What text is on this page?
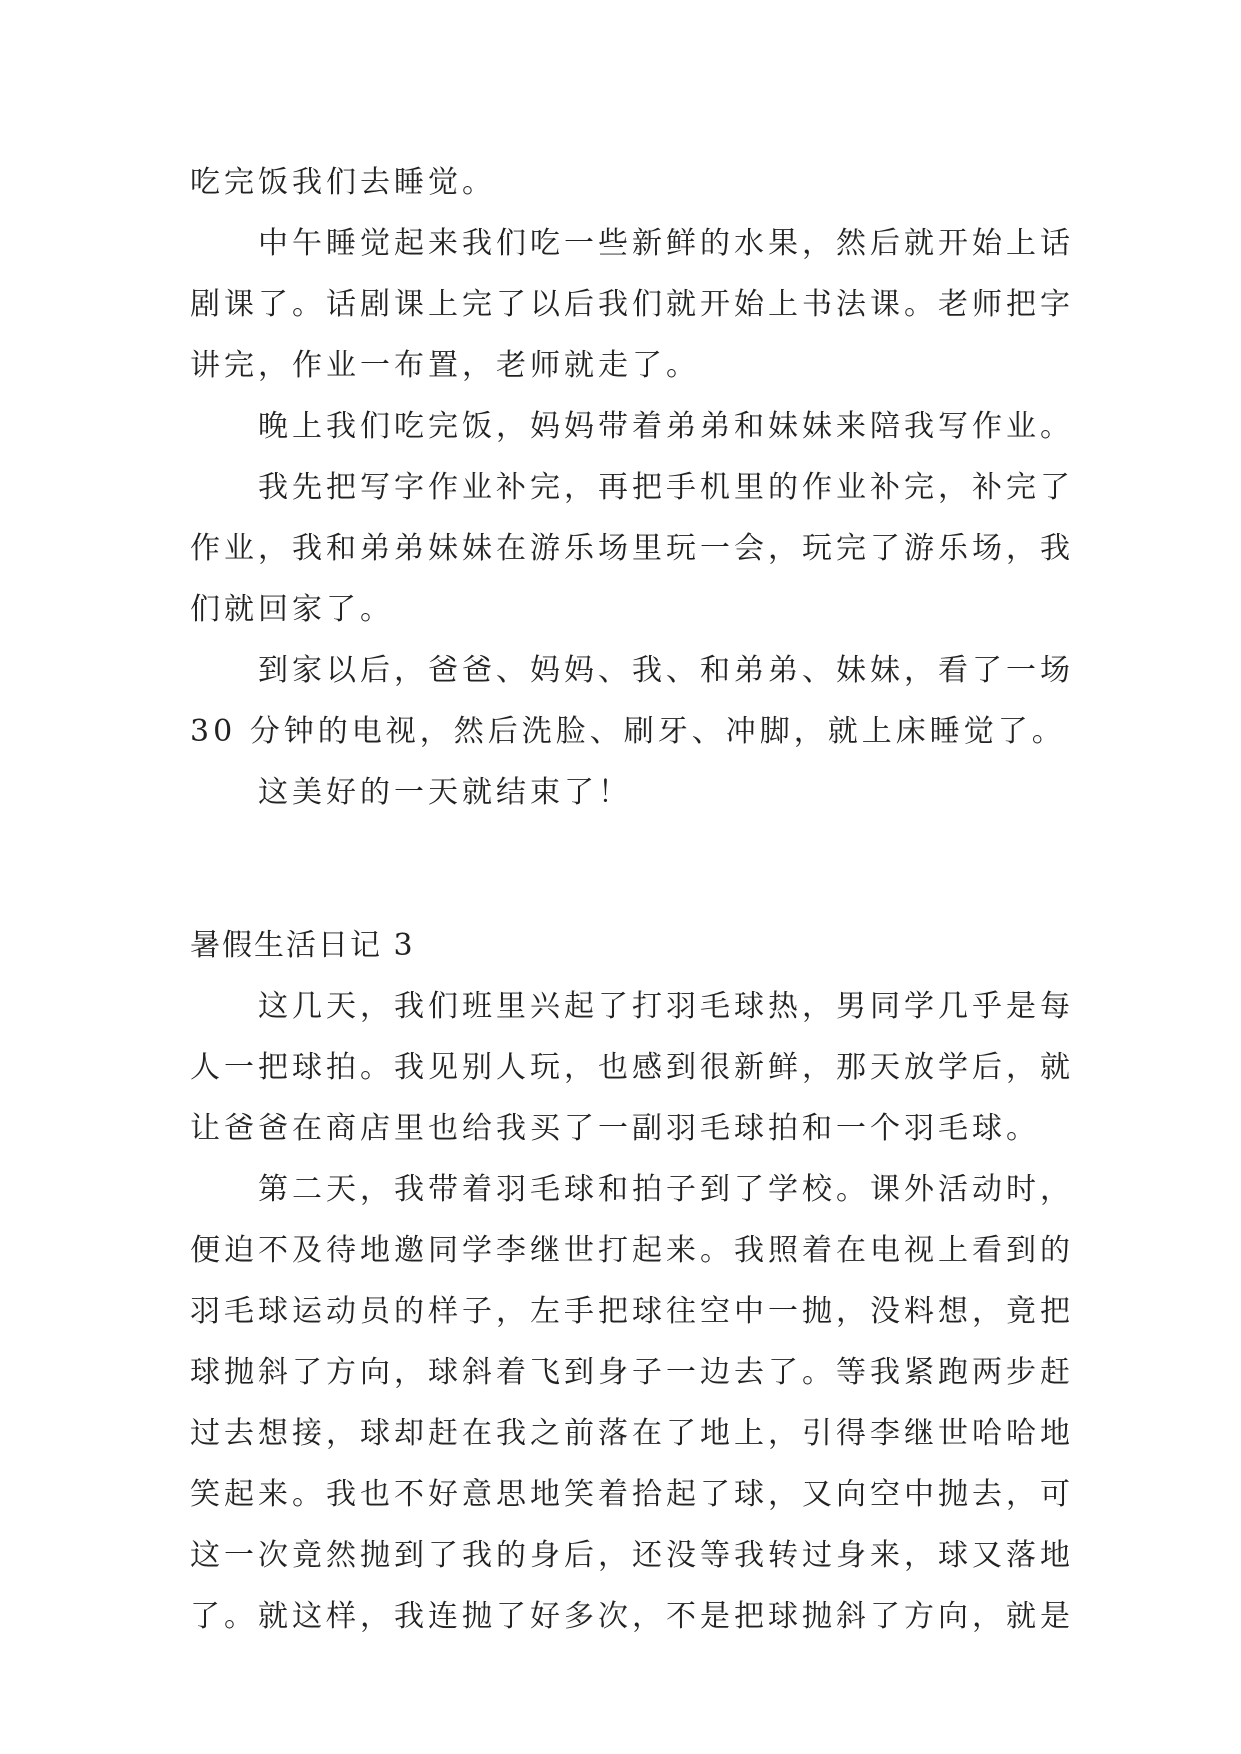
吃完饭我们去睡觉。
中午睡觉起来我们吃一些新鲜的水果，然后就开始上话
剧课了。话剧课上完了以后我们就开始上书法课。老师把字
讲完，作业一布置，老师就走了。
晚上我们吃完饭，妈妈带着弟弟和妹妹来陪我写作业。
我先把写字作业补完，再把手机里的作业补完，补完了
作业，我和弟弟妹妹在游乐场里玩一会，玩完了游乐场，我
们就回家了。
到家以后，爸爸、妈妈、我、和弟弟、妹妹，看了一场
30 分钟的电视，然后洗脸、刷牙、冲脚，就上床睡觉了。
这美好的一天就结束了！
暑假生活日记 3
这几天，我们班里兴起了打羽毛球热，男同学几乎是每
人一把球拍。我见别人玩，也感到很新鲜，那天放学后，就
让爸爸在商店里也给我买了一副羽毛球拍和一个羽毛球。
第二天，我带着羽毛球和拍子到了学校。课外活动时，
便迫不及待地邀同学李继世打起来。我照着在电视上看到的
羽毛球运动员的样子，左手把球往空中一抛，没料想，竟把
球抛斜了方向，球斜着飞到身子一边去了。等我紧跑两步赶
过去想接，球却赶在我之前落在了地上，引得李继世哈哈地
笑起来。我也不好意思地笑着拾起了球，又向空中抛去，可
这一次竟然抛到了我的身后，还没等我转过身来，球又落地
了。就这样，我连抛了好多次，不是把球抛斜了方向，就是
